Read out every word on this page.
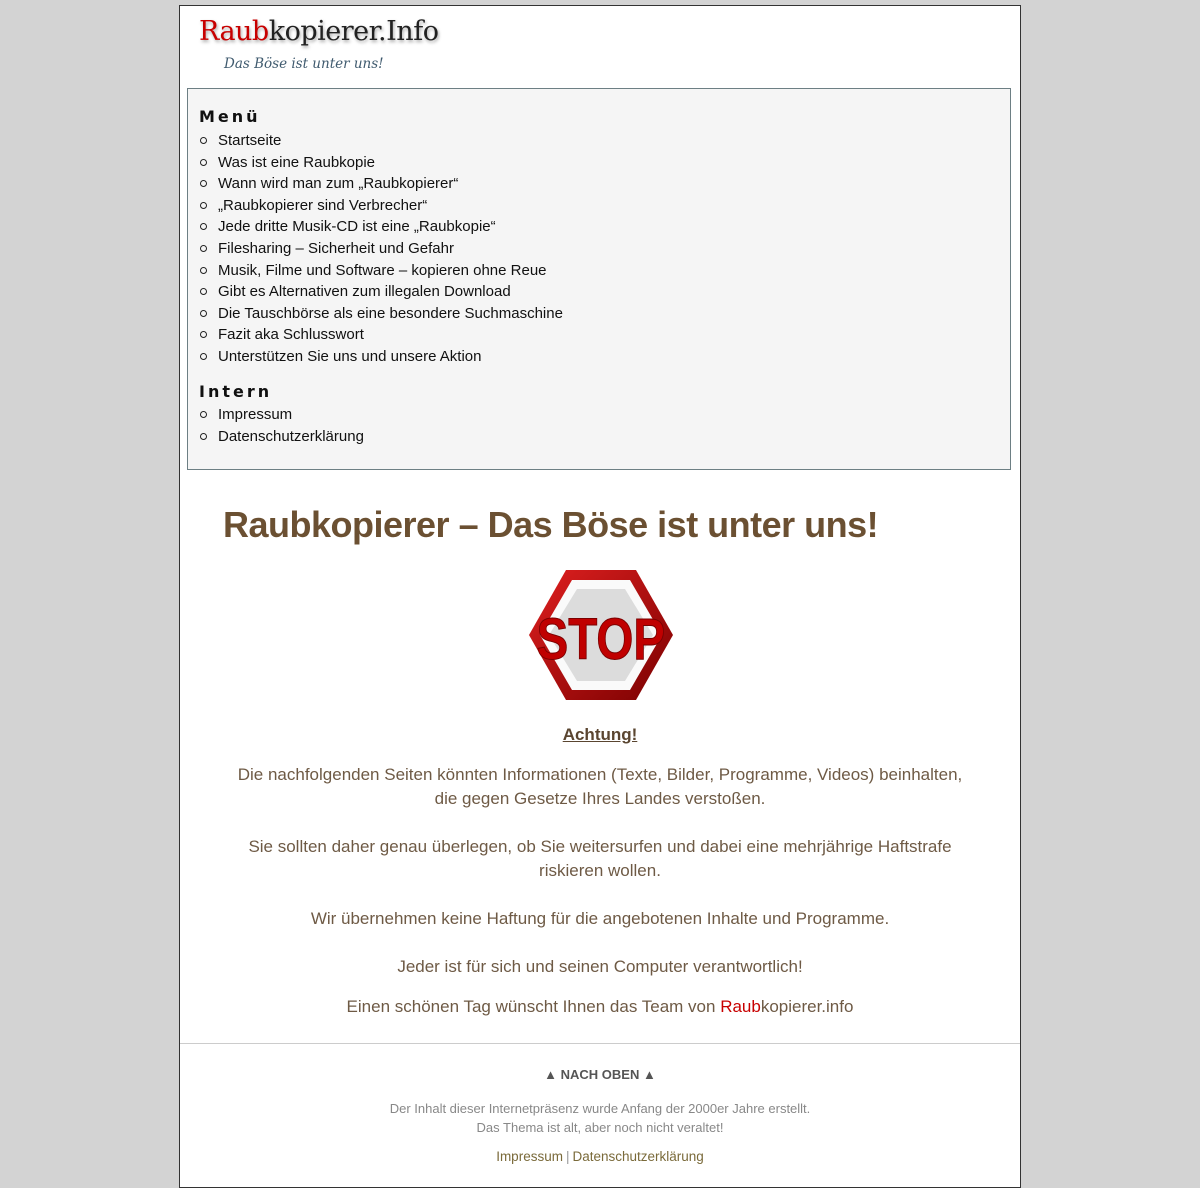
Raubkopierer.Info
Das Böse ist unter uns!
Menü
Startseite
Was ist eine Raubkopie
Wann wird man zum „Raubkopierer“
„Raubkopierer sind Verbrecher“
Jede dritte Musik-CD ist eine „Raubkopie“
Filesharing – Sicherheit und Gefahr
Musik, Filme und Software – kopieren ohne Reue
Gibt es Alternativen zum illegalen Download
Die Tauschbörse als eine besondere Suchmaschine
Fazit aka Schlusswort
Unterstützen Sie uns und unsere Aktion
Intern
Impressum
Datenschutzerklärung
Raubkopierer – Das Böse ist unter uns!
STOP
Achtung!
Die nachfolgenden Seiten könnten Informationen (Texte, Bilder, Programme, Videos) beinhalten,
die gegen Gesetze Ihres Landes verstoßen.
Sie sollten daher genau überlegen, ob Sie weitersurfen und dabei eine mehrjährige Haftstrafe
riskieren wollen.
Wir übernehmen keine Haftung für die angebotenen Inhalte und Programme.
Jeder ist für sich und seinen Computer verantwortlich!
Einen schönen Tag wünscht Ihnen das Team von Raubkopierer.info
▲ NACH OBEN ▲
Der Inhalt dieser Internetpräsenz wurde Anfang der 2000er Jahre erstellt.
Das Thema ist alt, aber noch nicht veraltet!
Impressum | Datenschutzerklärung
